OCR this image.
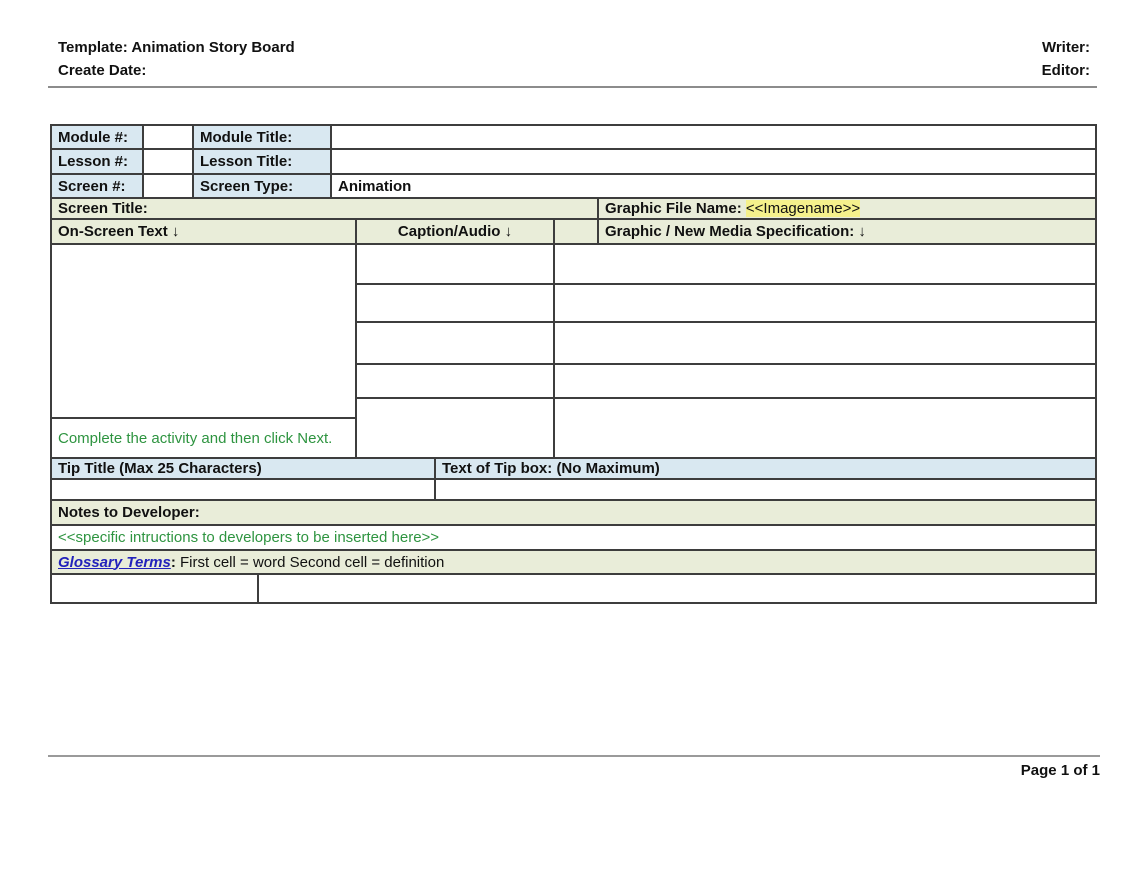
Template: Animation Story Board
Create Date:
Writer:
Editor:
Module #:		Module Title:						
Lesson #:		Lesson Title:						
Screen #:		Screen Type:		Animation				
Screen Title:								Graphic File Name: <<Imagename>>
On-Screen Text ↓					Caption/Audio ↓			Graphic / New Media Specification: ↓

Complete the activity and then click Next.								
Tip Title (Max 25 Characters)						Text of Tip box: (No Maximum)		

Notes to Developer:								
<<specific intructions to developers to be inserted here>>								
Glossary Terms: First cell = word Second cell = definition								

Page 1 of 1
